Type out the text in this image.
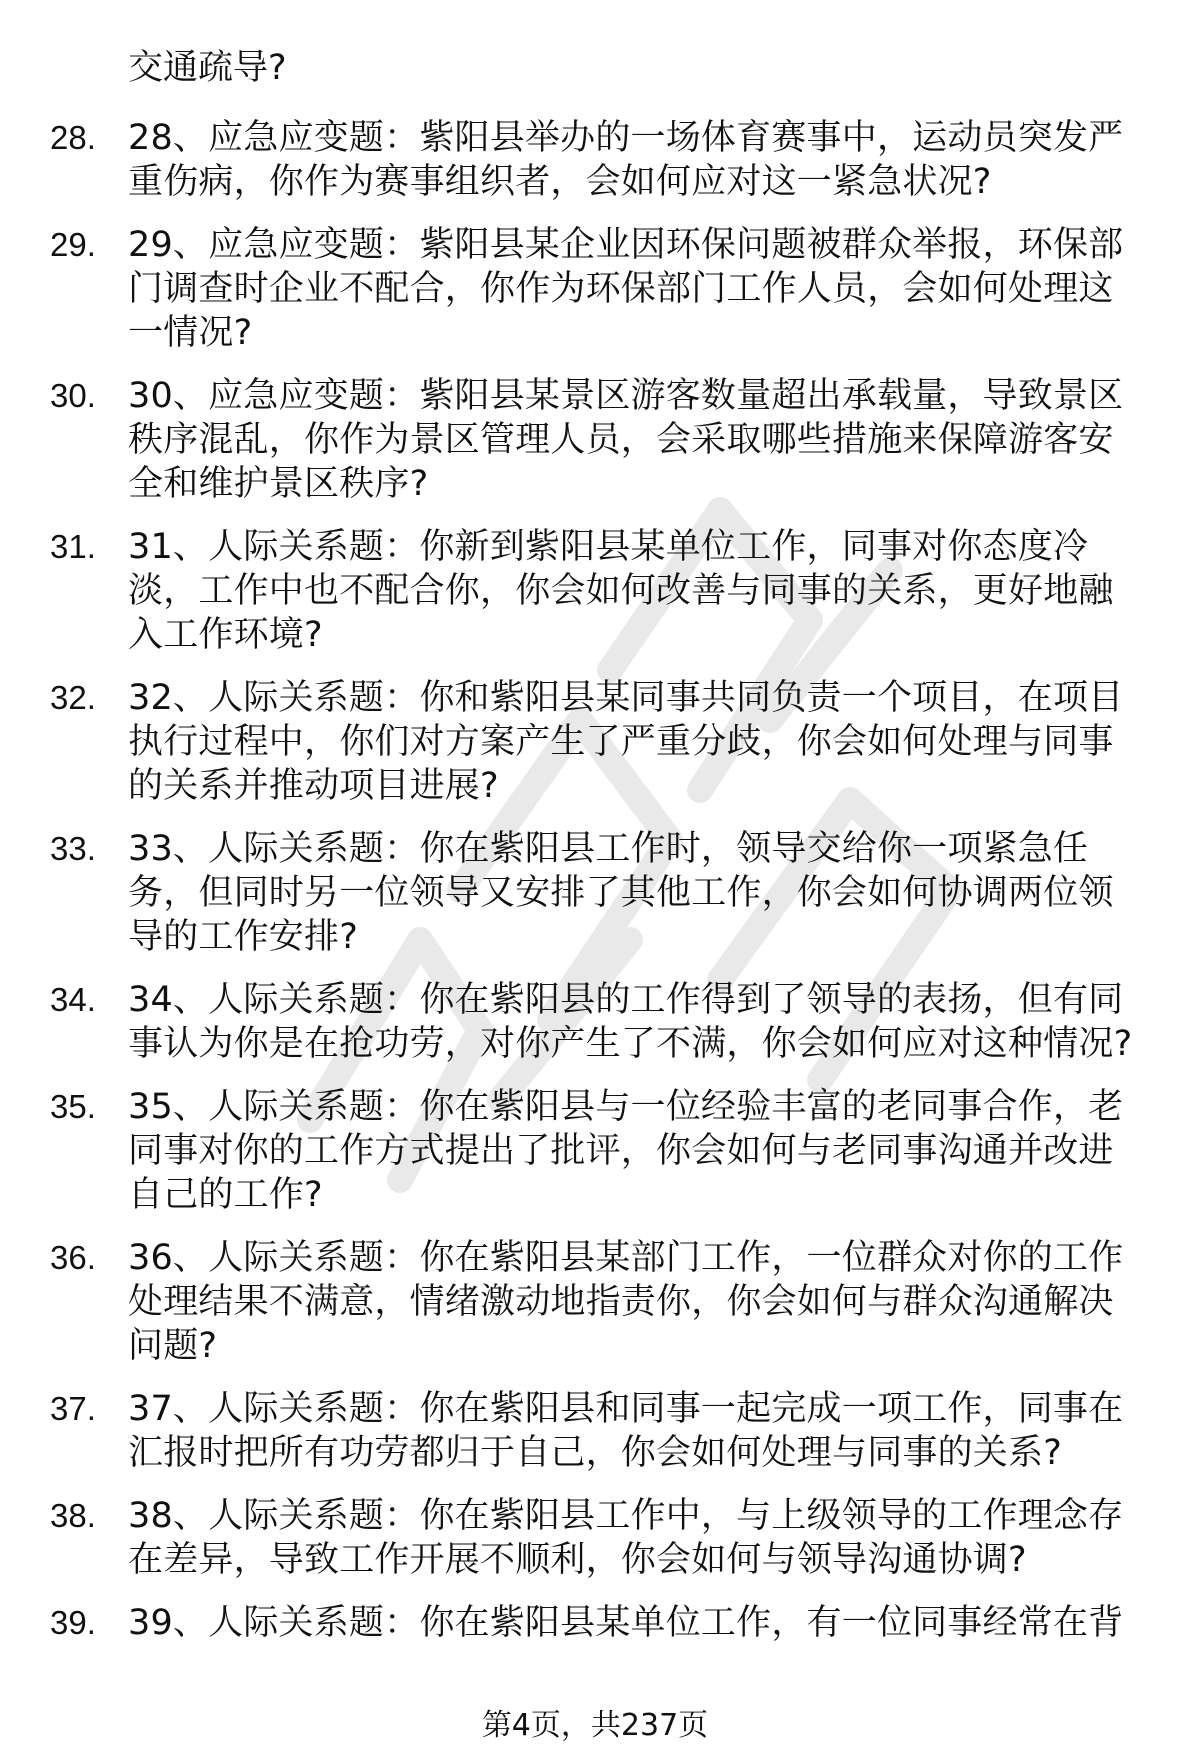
交通疏导?
28. 28、应急应变题：紫阳县举办的一场体育赛事中，运动员突发严重伤病，你作为赛事组织者，会如何应对这一紧急状况?
29. 29、应急应变题：紫阳县某企业因环保问题被群众举报，环保部门调查时企业不配合，你作为环保部门工作人员，会如何处理这一情况?
30. 30、应急应变题：紫阳县某景区游客数量超出承载量，导致景区秩序混乱，你作为景区管理人员，会采取哪些措施来保障游客安全和维护景区秩序?
31. 31、人际关系题：你新到紫阳县某单位工作，同事对你态度冷淡，工作中也不配合你，你会如何改善与同事的关系，更好地融入工作环境?
32. 32、人际关系题：你和紫阳县某同事共同负责一个项目，在项目执行过程中，你们对方案产生了严重分歧，你会如何处理与同事的关系并推动项目进展?
33. 33、人际关系题：你在紫阳县工作时，领导交给你一项紧急任务，但同时另一位领导又安排了其他工作，你会如何协调两位领导的工作安排?
34. 34、人际关系题：你在紫阳县的工作得到了领导的表扬，但有同事认为你是在抢功劳，对你产生了不满，你会如何应对这种情况?
35. 35、人际关系题：你在紫阳县与一位经验丰富的老同事合作，老同事对你的工作方式提出了批评，你会如何与老同事沟通并改进自己的工作?
36. 36、人际关系题：你在紫阳县某部门工作，一位群众对你的工作处理结果不满意，情绪激动地指责你，你会如何与群众沟通解决问题?
37. 37、人际关系题：你在紫阳县和同事一起完成一项工作，同事在汇报时把所有功劳都归于自己，你会如何处理与同事的关系?
38. 38、人际关系题：你在紫阳县工作中，与上级领导的工作理念存在差异，导致工作开展不顺利，你会如何与领导沟通协调?
39. 39、人际关系题：你在紫阳县某单位工作，有一位同事经常在背
第4页，共237页
